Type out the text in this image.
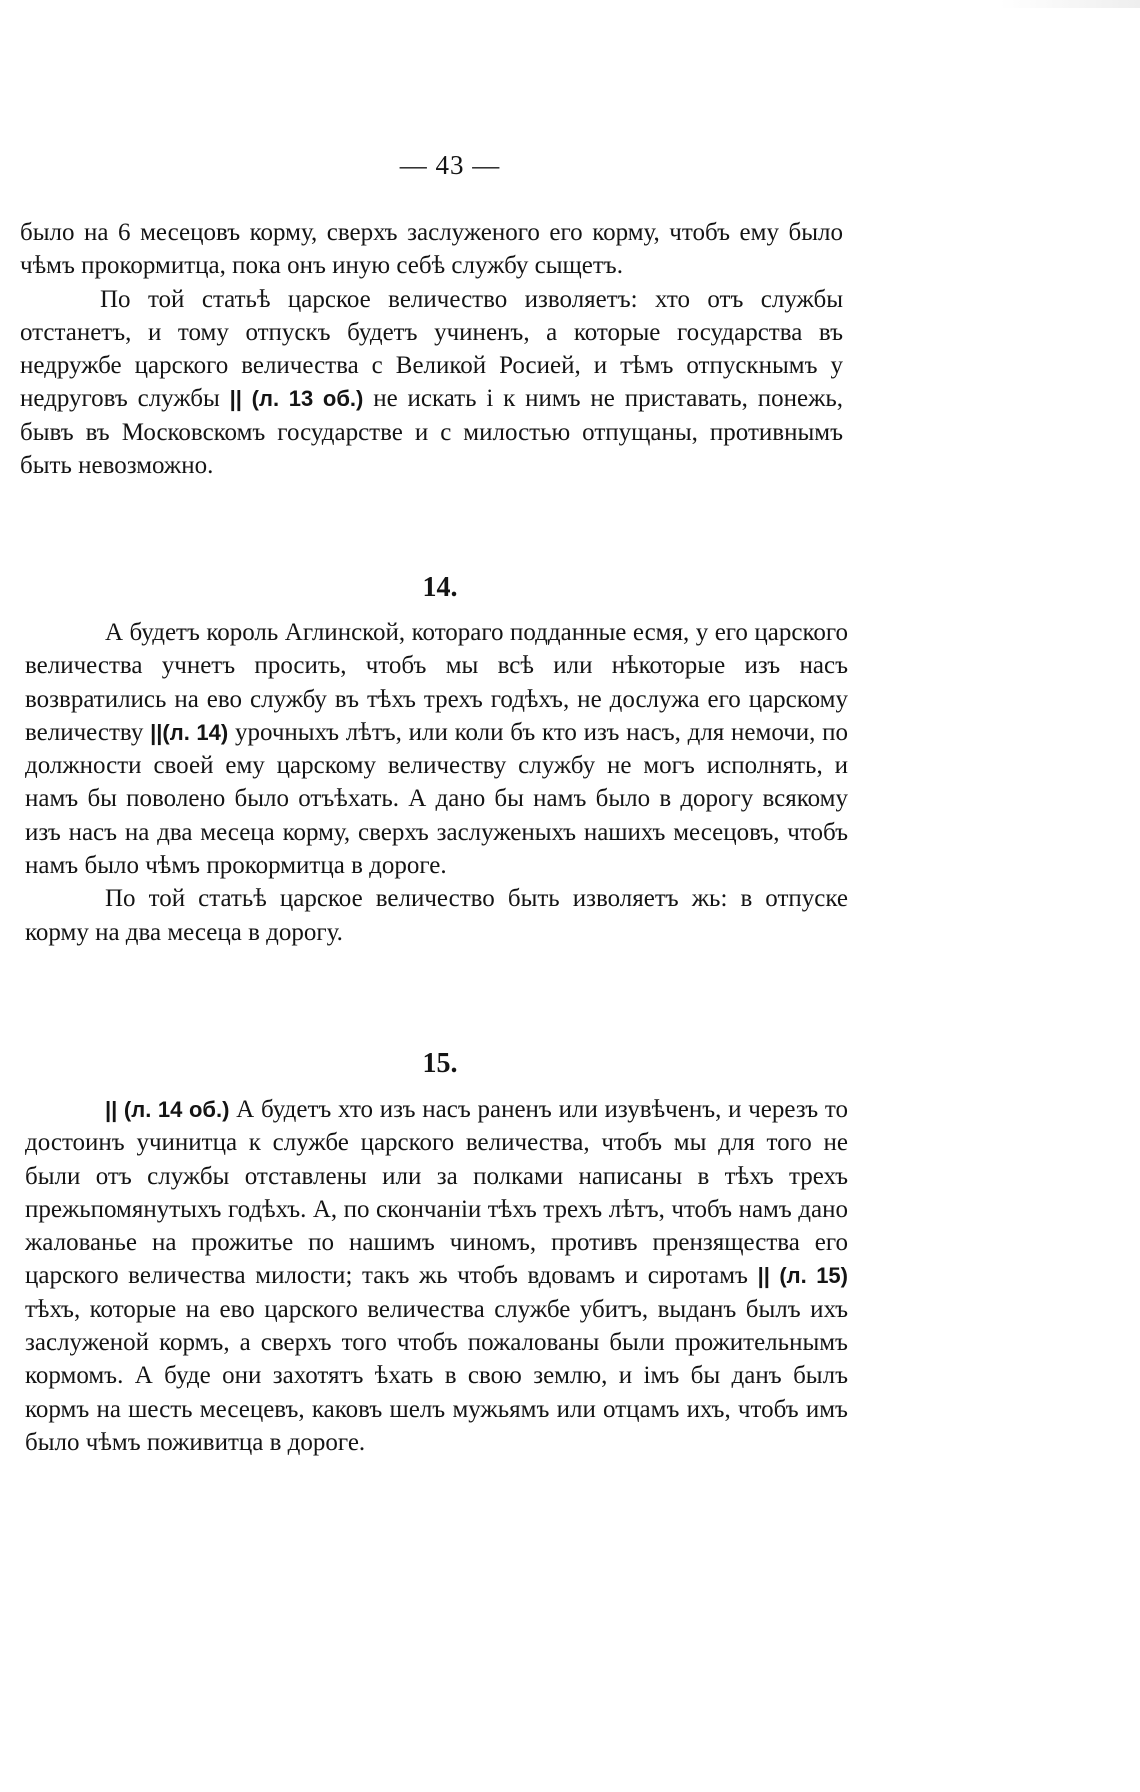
— 43 —

было на 6 месецовъ корму, сверхъ заслуженого его корму, чтобъ ему было чѣмъ прокормитца, пока онъ иную себѣ службу сыщетъ.

По той статьѣ царское величество изволяетъ: хто отъ службы отстанетъ, и тому отпускъ будетъ учиненъ, а которые государства въ недружбе царского величества с Великой Росией, и тѣмъ отпускнымъ у недруговъ службы || (л. 13 об.) не искать і к нимъ не приставать, понежь, бывъ въ Московскомъ государстве и с милостью отпущаны, противнымъ быть невозможно.

14.

А будетъ король Аглинской, котораго подданные есмя, у его царского величества учнетъ просить, чтобъ мы всѣ или нѣкоторые изъ насъ возвратились на ево службу въ тѣхъ трехъ годѣхъ, не дослужа его царскому величеству ||(л. 14) урочныхъ лѣтъ, или коли бъ кто изъ насъ, для немочи, по должности своей ему царскому величеству службу не могъ исполнять, и намъ бы поволено было отъѣхать. А дано бы намъ было в дорогу всякому изъ насъ на два месеца корму, сверхъ заслуженыхъ нашихъ месецовъ, чтобъ намъ было чѣмъ прокормитца в дороге.

По той статьѣ царское величество быть изволяетъ жь: в отпуске корму на два месеца в дорогу.

15.

|| (л. 14 об.) А будетъ хто изъ насъ раненъ или изувѣченъ, и черезъ то достоинъ учинитца к службе царского величества, чтобъ мы для того не были отъ службы отставлены или за полками написаны в тѣхъ трехъ прежьпомянутыхъ годѣхъ. А, по скончанiи тѣхъ трехъ лѣтъ, чтобъ намъ дано жалованье на прожитье по нашимъ чиномъ, противъ прензящества его царского величества милости; такъ жь чтобъ вдовамъ и сиротамъ || (л. 15) тѣхъ, которые на ево царского величества службе убитъ, выданъ былъ ихъ заслуженой кормъ, а сверхъ того чтобъ пожалованы были прожительнымъ кормомъ. А буде они захотятъ ѣхать в свою землю, и імъ бы данъ былъ кормъ на шесть месецевъ, каковъ шелъ мужьямъ или отцамъ ихъ, чтобъ имъ было чѣмъ поживитца в дороге.
